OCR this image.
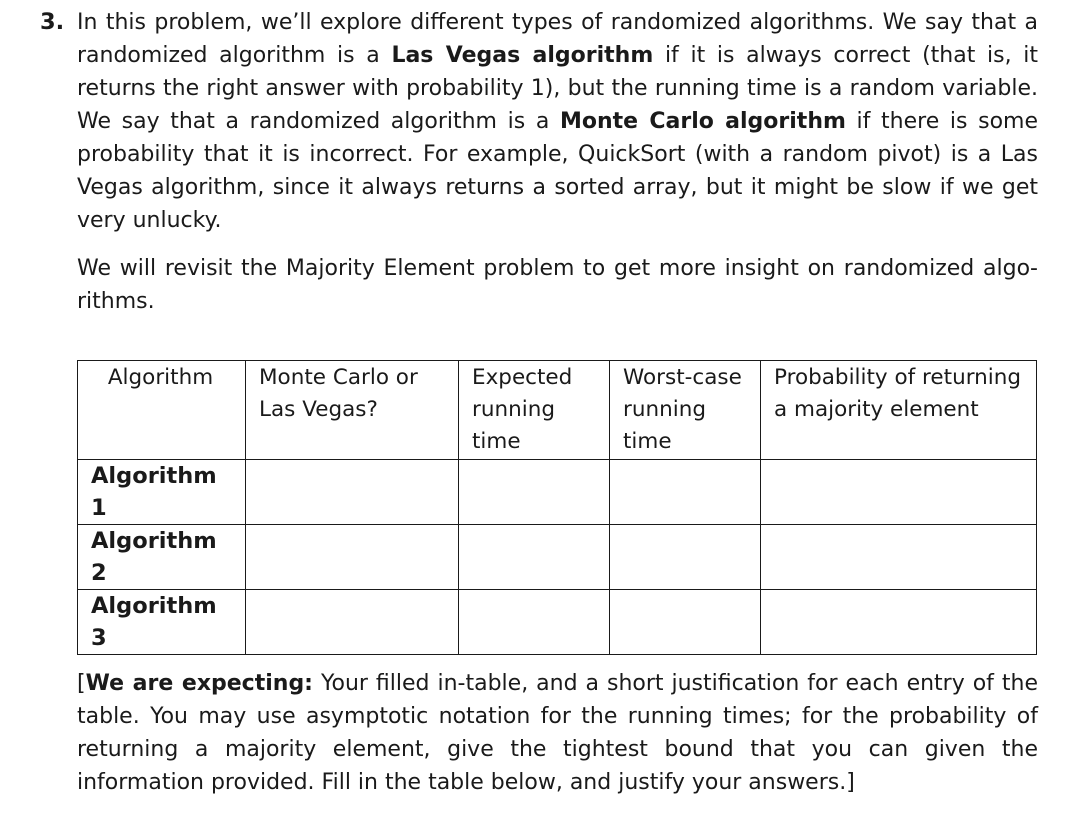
3. In this problem, we’ll explore different types of randomized algorithms. We say that a randomized algorithm is a Las Vegas algorithm if it is always correct (that is, it returns the right answer with probability 1), but the running time is a random variable. We say that a randomized algorithm is a Monte Carlo algorithm if there is some probability that it is incorrect. For example, QuickSort (with a random pivot) is a Las Vegas algorithm, since it always returns a sorted array, but it might be slow if we get very unlucky.

We will revisit the Majority Element problem to get more insight on randomized algorithms.

Algorithm	Monte Carlo or Las Vegas?	Expected running time	Worst-case running time	Probability of returning a majority element
Algorithm 1				
Algorithm 2				
Algorithm 3				

[We are expecting: Your filled in-table, and a short justification for each entry of the table. You may use asymptotic notation for the running times; for the probability of returning a majority element, give the tightest bound that you can given the information provided. Fill in the table below, and justify your answers.]
